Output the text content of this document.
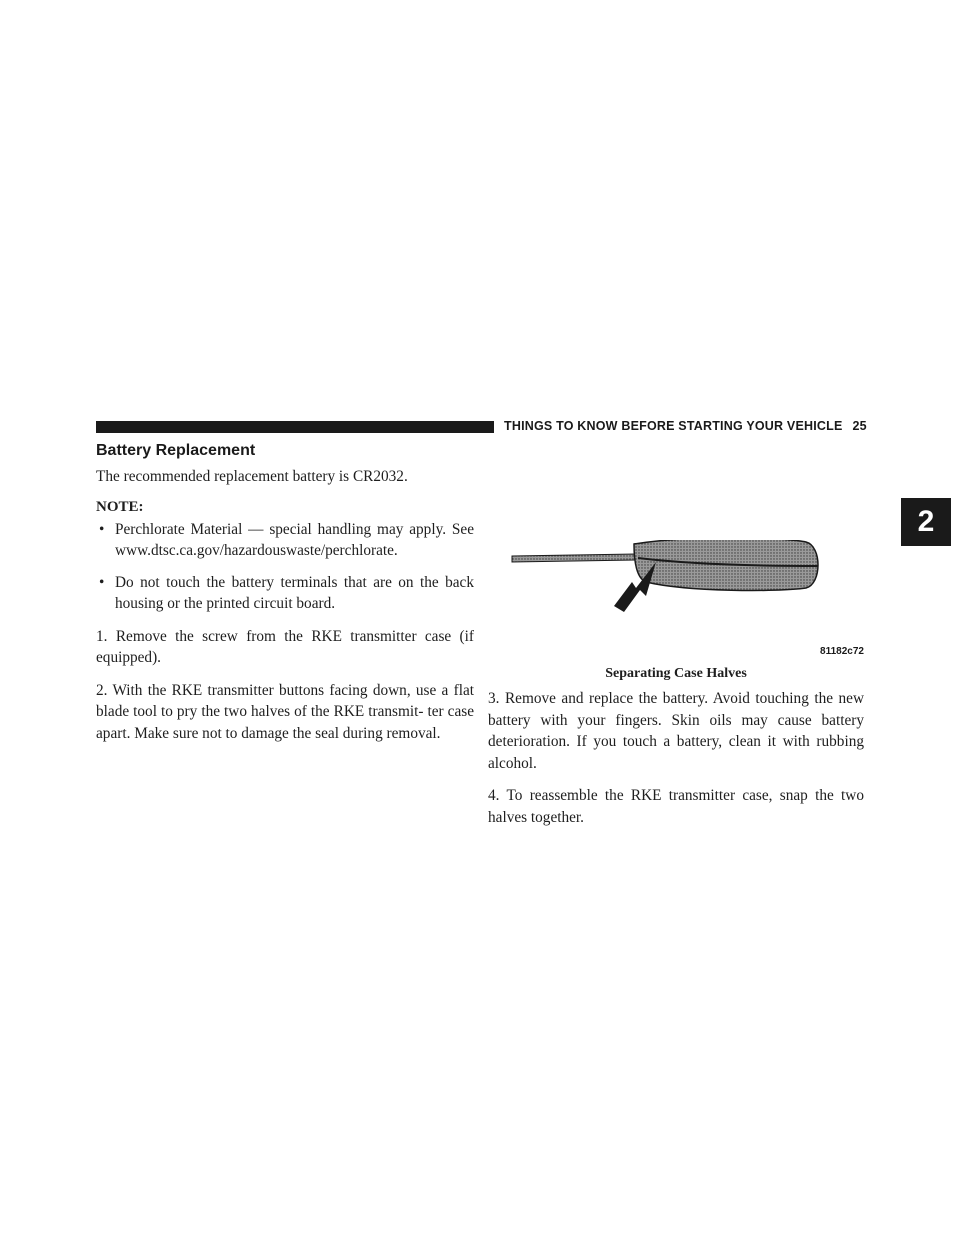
THINGS TO KNOW BEFORE STARTING YOUR VEHICLE 25
2
Battery Replacement

The recommended replacement battery is CR2032.

NOTE:
• Perchlorate Material — special handling may apply. See www.dtsc.ca.gov/hazardouswaste/perchlorate.
• Do not touch the battery terminals that are on the back housing or the printed circuit board.

1. Remove the screw from the RKE transmitter case (if equipped).

2. With the RKE transmitter buttons facing down, use a flat blade tool to pry the two halves of the RKE transmit- ter case apart. Make sure not to damage the seal during removal.

81182c72
Separating Case Halves

3. Remove and replace the battery. Avoid touching the new battery with your fingers. Skin oils may cause battery deterioration. If you touch a battery, clean it with rubbing alcohol.

4. To reassemble the RKE transmitter case, snap the two halves together.
